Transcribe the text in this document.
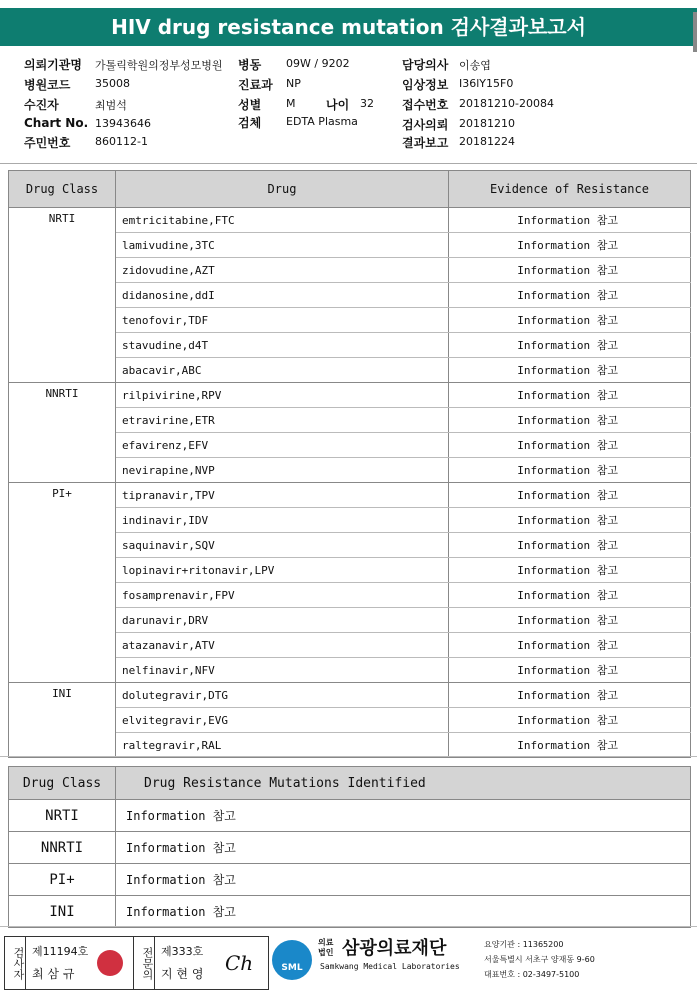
HIV drug resistance mutation 검사결과보고서
의뢰기관명 가톨릭학원의정부성모병원
병원코드 35008
수진자	최범석
Chart No. 13943646
주민번호 860112-1
병동 09W / 9202
진료과 NP
성별 M	나이 32
검체 EDTA Plasma
담당의사 이송엽
임상정보 I36lY15F0
접수번호 20181210-20084
검사의뢰 20181210
결과보고 20181224
Drug Class	Drug	Evidence of Resistance
NRTI	emtricitabine,FTC	Information 참고
	lamivudine,3TC	Information 참고
	zidovudine,AZT	Information 참고
	didanosine,ddI	Information 참고
	tenofovir,TDF	Information 참고
	stavudine,d4T	Information 참고
	abacavir,ABC	Information 참고
NNRTI	rilpivirine,RPV	Information 참고
	etravirine,ETR	Information 참고
	efavirenz,EFV	Information 참고
	nevirapine,NVP	Information 참고
PI+	tipranavir,TPV	Information 참고
	indinavir,IDV	Information 참고
	saquinavir,SQV	Information 참고
	lopinavir+ritonavir,LPV	Information 참고
	fosamprenavir,FPV	Information 참고
	darunavir,DRV	Information 참고
	atazanavir,ATV	Information 참고
	nelfinavir,NFV	Information 참고
INI	dolutegravir,DTG	Information 참고
	elvitegravir,EVG	Information 참고
	raltegravir,RAL	Information 참고
Drug Class	Drug Resistance Mutations Identified
NRTI	Information 참고
NNRTI	Information 참고
PI+	Information 참고
INI	Information 참고
검사자 제11194호
최 삼 규	전문의 제333호
지 현 영 Ch	SML
의료법인 삼광의료재단
Samkwang Medical Laboratories
요양기관 : 11365200
서울특별시 서초구 양재동 9-60
대표번호 : 02-3497-5100
